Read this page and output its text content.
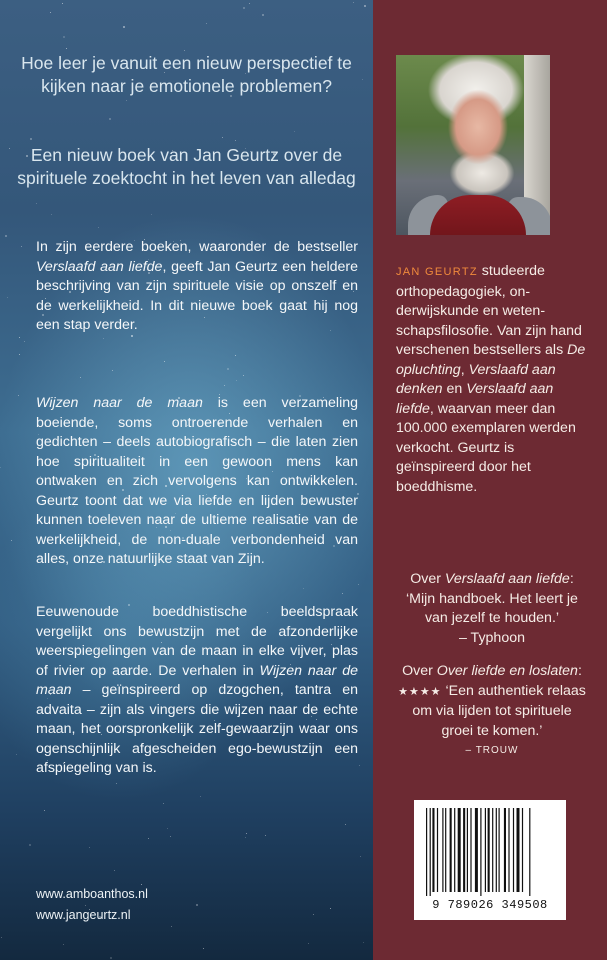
Hoe leer je vanuit een nieuw perspectief te kijken naar je emotionele problemen?
Een nieuw boek van Jan Geurtz over de spirituele zoektocht in het leven van alledag
In zijn eerdere boeken, waaronder de bestseller Verslaafd aan liefde, geeft Jan Geurtz een heldere beschrijving van zijn spirituele visie op onszelf en de werkelijkheid. In dit nieuwe boek gaat hij nog een stap verder.
Wijzen naar de maan is een verzameling boeiende, soms ontroerende verhalen en gedichten – deels autobiografisch – die laten zien hoe spiritualiteit in een gewoon mens kan ontwaken en zich vervolgens kan ontwikkelen. Geurtz toont dat we via liefde en lijden bewuster kunnen toeleven naar de ultieme realisatie van de werkelijkheid, de non-duale verbondenheid van alles, onze natuurlijke staat van Zijn.
Eeuwenoude boeddhistische beeldspraak vergelijkt ons bewustzijn met de afzonderlijke weerspiegelingen van de maan in elke vijver, plas of rivier op aarde. De verhalen in Wijzen naar de maan – geïnspireerd op dzogchen, tantra en advaita – zijn als vingers die wijzen naar de echte maan, het oorspronkelijk zelf-gewaarzijn waar ons ogenschijnlijk afgescheiden ego-bewustzijn een afspiegeling van is.
www.amboanthos.nl
www.jangeurtz.nl
JAN GEURTZ studeerde orthopedagogiek, onderwijskunde en wetenschapsfilosofie. Van zijn hand verschenen bestsellers als De opluchting, Verslaafd aan denken en Verslaafd aan liefde, waarvan meer dan 100.000 exemplaren werden verkocht. Geurtz is geïnspireerd door het boeddhisme.
Over Verslaafd aan liefde:
‘Mijn handboek. Het leert je van jezelf te houden.’
– Typhoon
Over Over liefde en loslaten:
★★★★ ‘Een authentiek relaas om via lijden tot spirituele groei te komen.’
– TROUW
9 789026 349508
